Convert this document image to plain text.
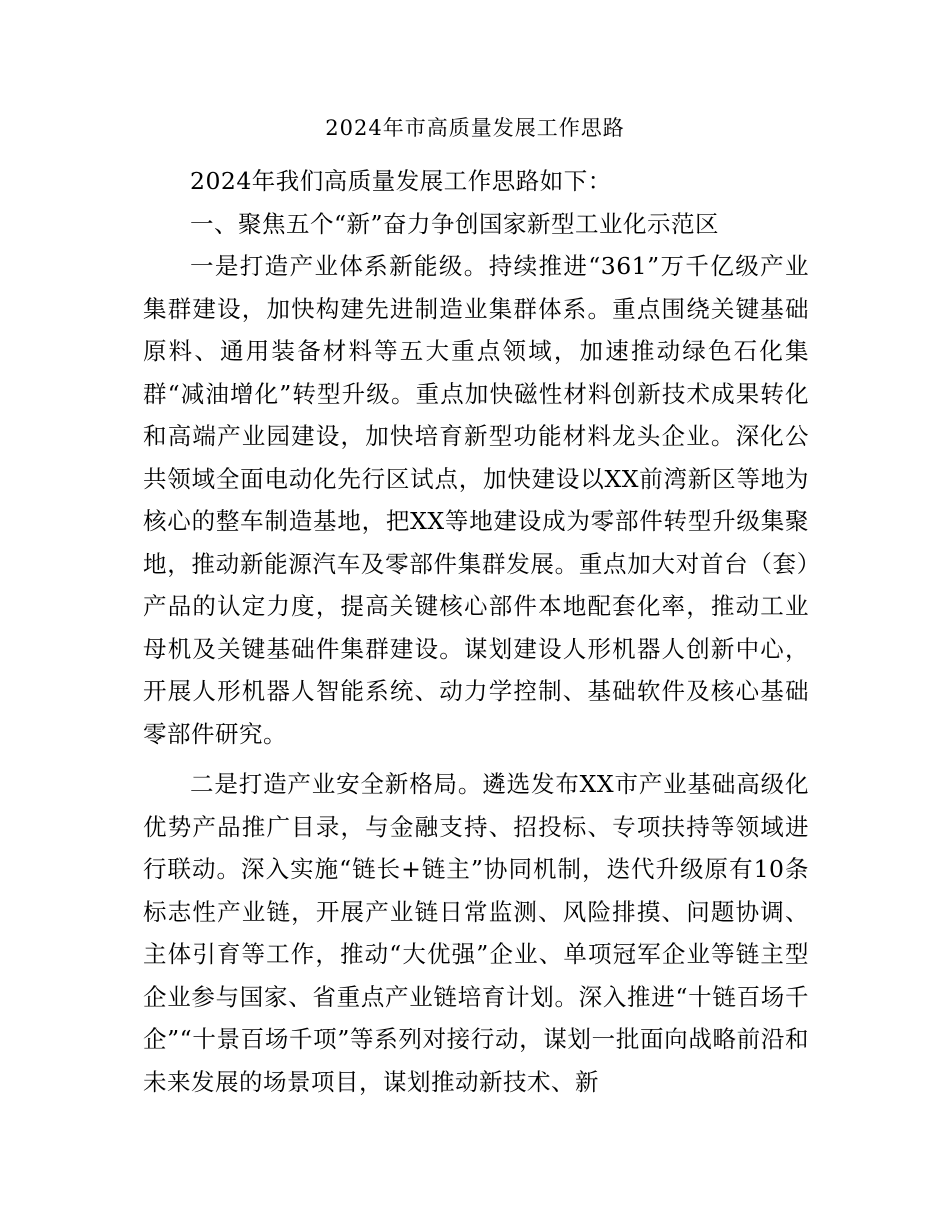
2024年市高质量发展工作思路

2024年我们高质量发展工作思路如下：

一、聚焦五个“新”奋力争创国家新型工业化示范区

一是打造产业体系新能级。持续推进“361”万千亿级产业集群建设，加快构建先进制造业集群体系。重点围绕关键基础原料、通用装备材料等五大重点领域，加速推动绿色石化集群“减油增化”转型升级。重点加快磁性材料创新技术成果转化和高端产业园建设，加快培育新型功能材料龙头企业。深化公共领域全面电动化先行区试点，加快建设以XX前湾新区等地为核心的整车制造基地，把XX等地建设成为零部件转型升级集聚地，推动新能源汽车及零部件集群发展。重点加大对首台（套）产品的认定力度，提高关键核心部件本地配套化率，推动工业母机及关键基础件集群建设。谋划建设人形机器人创新中心，开展人形机器人智能系统、动力学控制、基础软件及核心基础零部件研究。

二是打造产业安全新格局。遴选发布XX市产业基础高级化优势产品推广目录，与金融支持、招投标、专项扶持等领域进行联动。深入实施“链长+链主”协同机制，迭代升级原有10条标志性产业链，开展产业链日常监测、风险排摸、问题协调、主体引育等工作，推动“大优强”企业、单项冠军企业等链主型企业参与国家、省重点产业链培育计划。深入推进“十链百场千企”“十景百场千项”等系列对接行动，谋划一批面向战略前沿和未来发展的场景项目，谋划推动新技术、新
